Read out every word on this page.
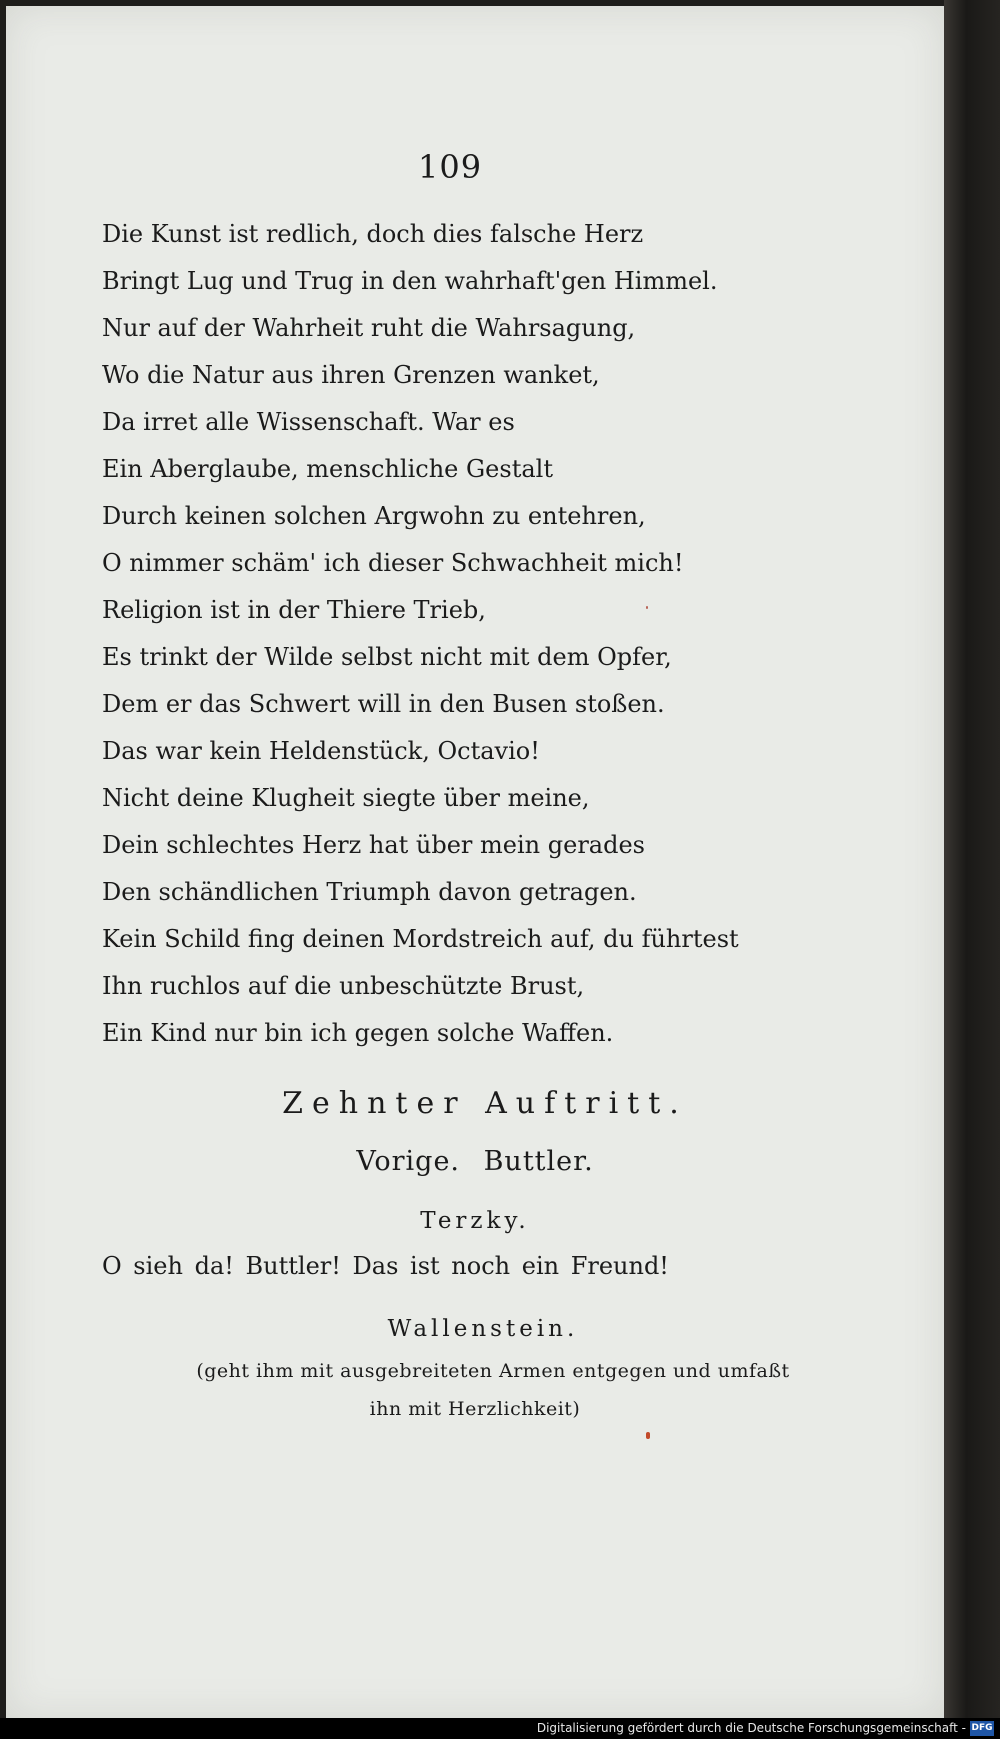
109
Die Kunst ist redlich, doch dies falsche Herz
Bringt Lug und Trug in den wahrhaft'gen Himmel.
Nur auf der Wahrheit ruht die Wahrsagung,
Wo die Natur aus ihren Grenzen wanket,
Da irret alle Wissenschaft. War es
Ein Aberglaube, menschliche Gestalt
Durch keinen solchen Argwohn zu entehren,
O nimmer schäm' ich dieser Schwachheit mich!
Religion ist in der Thiere Trieb,
Es trinkt der Wilde selbst nicht mit dem Opfer,
Dem er das Schwert will in den Busen stoßen.
Das war kein Heldenstück, Octavio!
Nicht deine Klugheit siegte über meine,
Dein schlechtes Herz hat über mein gerades
Den schändlichen Triumph davon getragen.
Kein Schild fing deinen Mordstreich auf, du führtest
Ihn ruchlos auf die unbeschützte Brust,
Ein Kind nur bin ich gegen solche Waffen.
Zehnter Auftritt.
Vorige. Buttler.
Terzky.
O sieh da! Buttler! Das ist noch ein Freund!
Wallenstein.
(geht ihm mit ausgebreiteten Armen entgegen und umfaßt
ihn mit Herzlichkeit)
Digitalisierung gefördert durch die Deutsche Forschungsgemeinschaft - DFG
